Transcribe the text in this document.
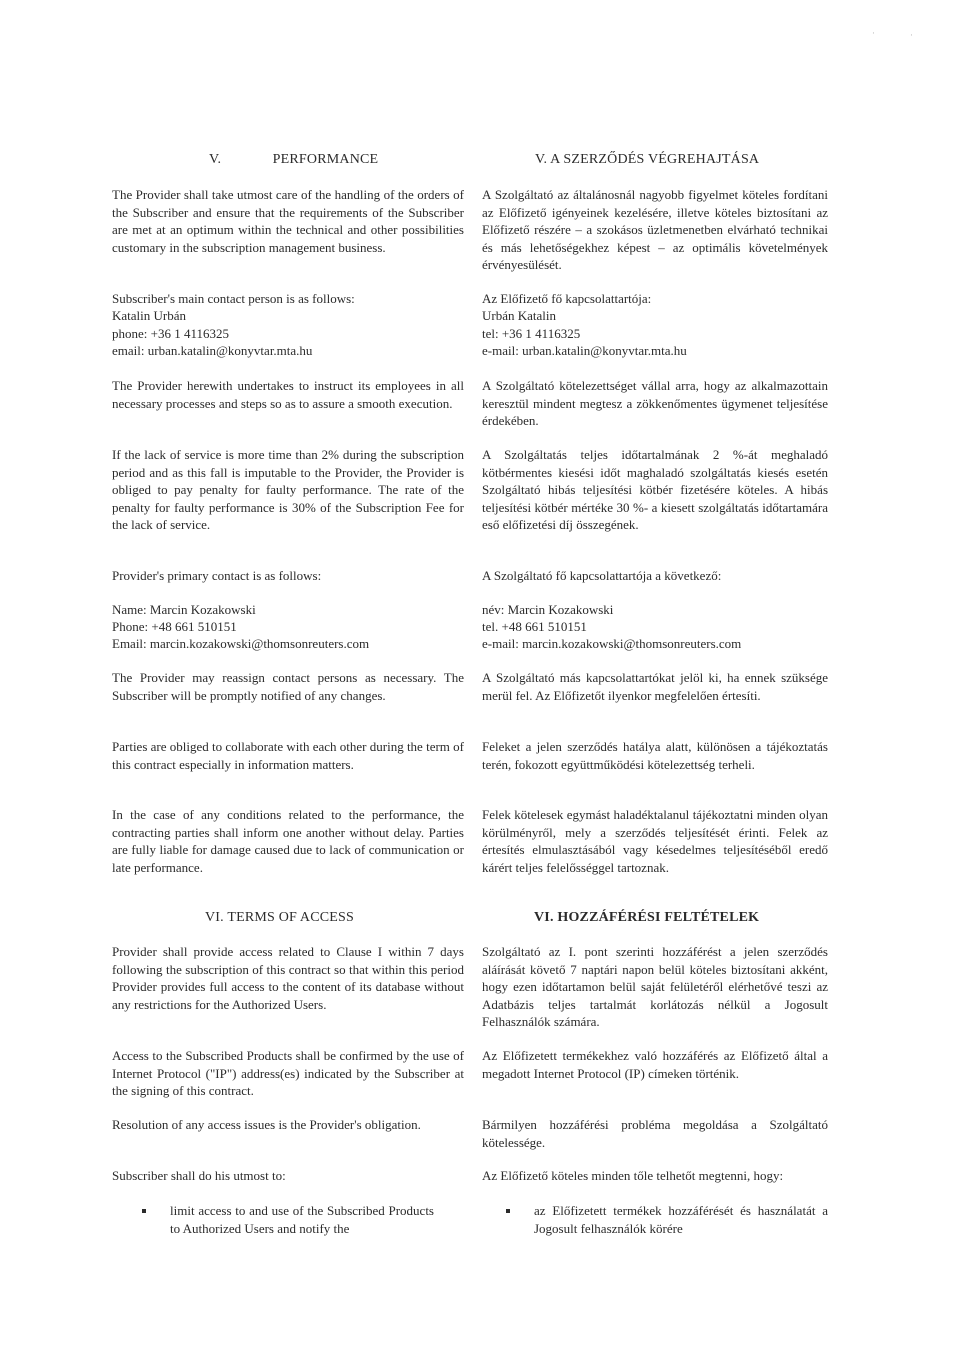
V.	PERFORMANCE

The Provider shall take utmost care of the handling of the orders of the Subscriber and ensure that the requirements of the Subscriber are met at an optimum within the technical and other possibilities customary in the subscription management business.

Subscriber's main contact person is as follows:

Katalin Urbán

phone: +36 1 4116325

email: urban.katalin@konyvtar.mta.hu

The Provider herewith undertakes to instruct its employees in all necessary processes and steps so as to assure a smooth execution.

If the lack of service is more time than 2% during the subscription period and as this fall is imputable to the Provider, the Provider is obliged to pay penalty for faulty performance. The rate of the penalty for faulty performance is 30% of the Subscription Fee for the lack of service.

Provider's primary contact is as follows:

Name: Marcin Kozakowski

Phone: +48 661 510151

Email: marcin.kozakowski@thomsonreuters.com

The Provider may reassign contact persons as necessary. The Subscriber will be promptly notified of any changes.

Parties are obliged to collaborate with each other during the term of this contract especially in information matters.

In the case of any conditions related to the performance, the contracting parties shall inform one another without delay. Parties are fully liable for damage caused due to lack of communication or late performance.

VI. TERMS OF ACCESS

Provider shall provide access related to Clause I within 7 days following the subscription of this contract so that within this period Provider provides full access to the content of its database without any restrictions for the Authorized Users.

Access to the Subscribed Products shall be confirmed by the use of Internet Protocol ("IP") address(es) indicated by the Subscriber at the signing of this contract.

Resolution of any access issues is the Provider's obligation.

Subscriber shall do his utmost to:

limit access to and use of the Subscribed Products to Authorized Users and notify the
V. A SZERZŐDÉS VÉGREHAJTÁSA

A Szolgáltató az általánosnál nagyobb figyelmet köteles fordítani az Előfizető igényeinek kezelésére, illetve köteles biztosítani az Előfizető részére – a szokásos üzletmenetben elvárható technikai és más lehetőségekhez képest – az optimális követelmények érvényesülését.

Az Előfizető fő kapcsolattartója:

Urbán Katalin

tel: +36 1 4116325

e-mail: urban.katalin@konyvtar.mta.hu

A Szolgáltató kötelezettséget vállal arra, hogy az alkalmazottain keresztül mindent megtesz a zökkenőmentes ügymenet teljesítése érdekében.

A Szolgáltatás teljes időtartalmának 2 %-át meghaladó kötbérmentes kiesési időt maghaladó szolgáltatás kiesés esetén Szolgáltató hibás teljesítési kötbér fizetésére köteles. A hibás teljesítési kötbér mértéke 30 %- a kiesett szolgáltatás időtartamára eső előfizetési díj összegének.

A Szolgáltató fő kapcsolattartója a következő:

név: Marcin Kozakowski

tel. +48 661 510151

e-mail: marcin.kozakowski@thomsonreuters.com

A Szolgáltató más kapcsolattartókat jelöl ki, ha ennek szüksége merül fel. Az Előfizetőt ilyenkor megfelelően értesíti.

Feleket a jelen szerződés hatálya alatt, különösen a tájékoztatás terén, fokozott együttműködési kötelezettség terheli.

Felek kötelesek egymást haladéktalanul tájékoztatni minden olyan körülményről, mely a szerződés teljesítését érinti. Felek az értesítés elmulasztásából vagy késedelmes teljesítéséből eredő kárért teljes felelősséggel tartoznak.

VI. HOZZÁFÉRÉSI FELTÉTELEK

Szolgáltató az I. pont szerinti hozzáférést a jelen szerződés aláírását követő 7 naptári napon belül köteles biztosítani akként, hogy ezen időtartamon belül saját felületéről elérhetővé teszi az Adatbázis teljes tartalmát korlátozás nélkül a Jogosult Felhasználók számára.

Az Előfizetett termékekhez való hozzáférés az Előfizető által a megadott Internet Protocol (IP) címeken történik.

Bármilyen hozzáférési probléma megoldása a Szolgáltató kötelessége.

Az Előfizető köteles minden tőle telhetőt megtenni, hogy:

az Előfizetett termékek hozzáférését és használatát a Jogosult felhasználók körére
·	·
